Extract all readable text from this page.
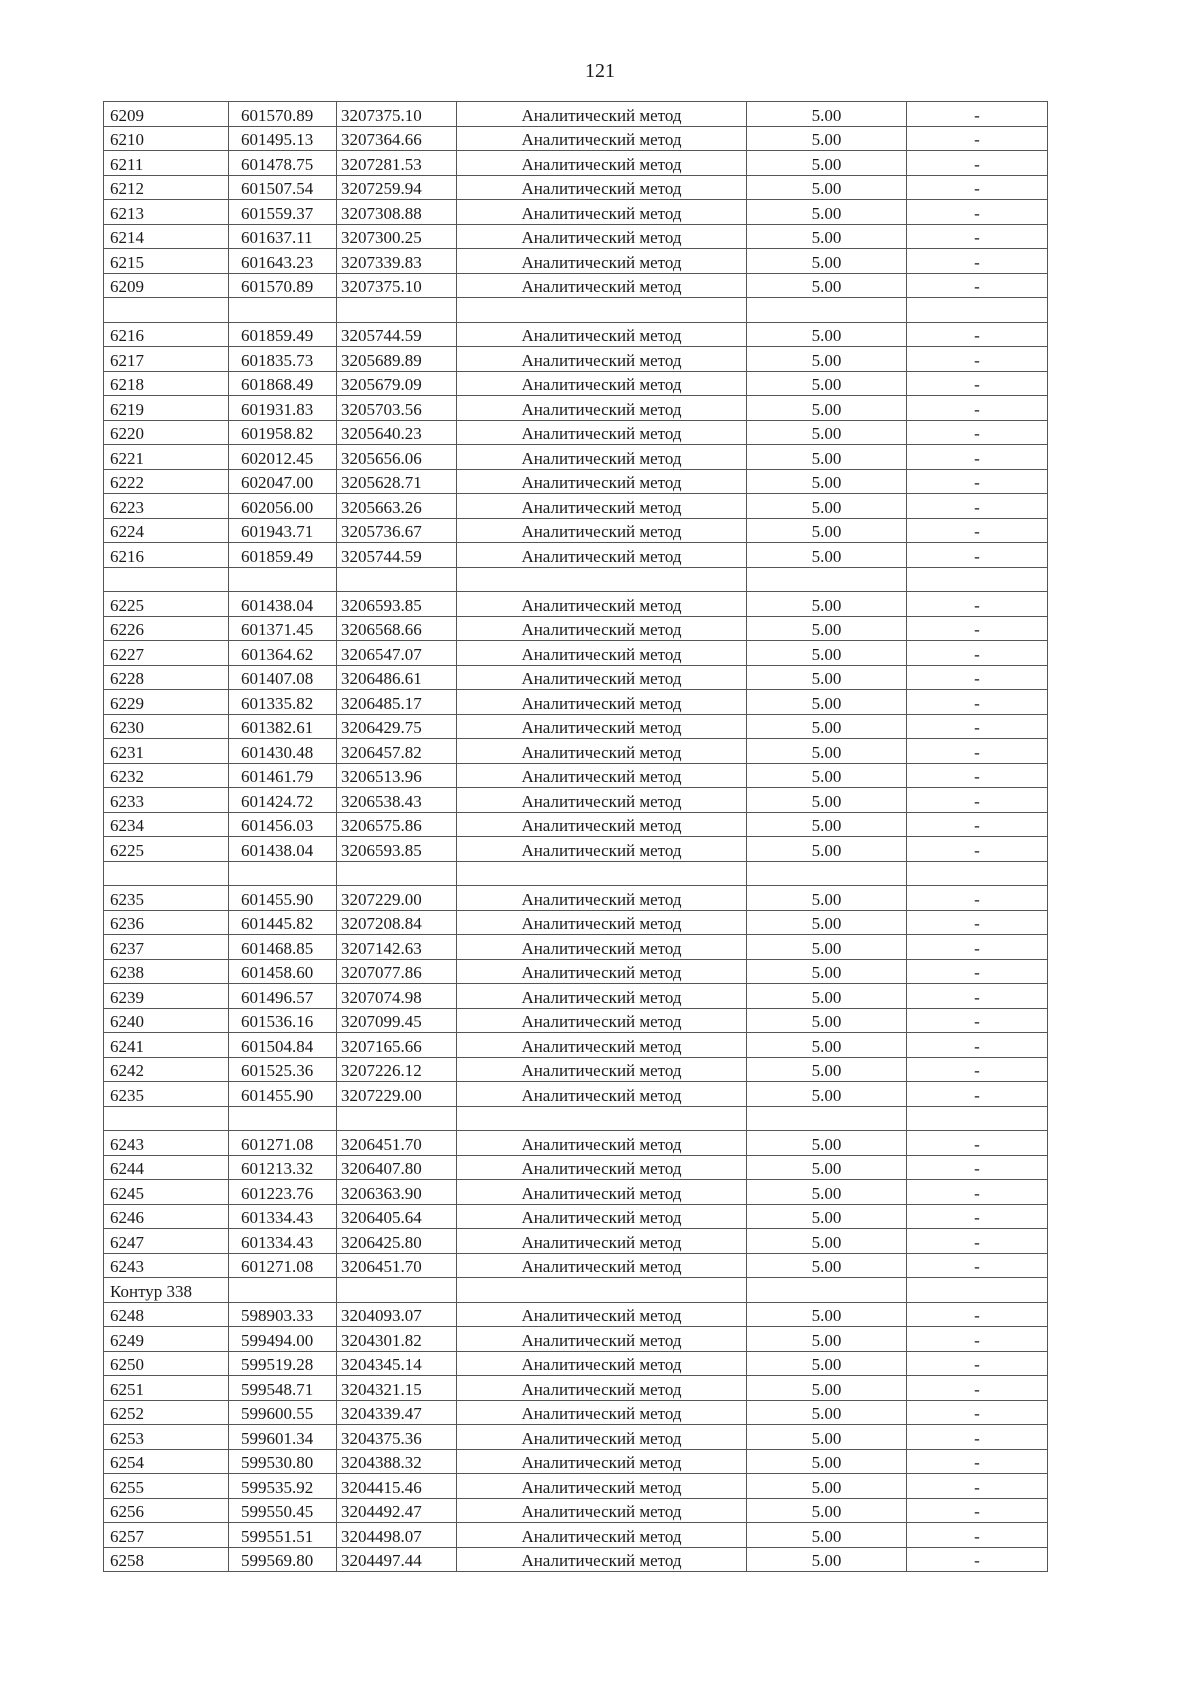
121
6209	601570.89	3207375.10	Аналитический метод	5.00	-
6210	601495.13	3207364.66	Аналитический метод	5.00	-
6211	601478.75	3207281.53	Аналитический метод	5.00	-
6212	601507.54	3207259.94	Аналитический метод	5.00	-
6213	601559.37	3207308.88	Аналитический метод	5.00	-
6214	601637.11	3207300.25	Аналитический метод	5.00	-
6215	601643.23	3207339.83	Аналитический метод	5.00	-
6209	601570.89	3207375.10	Аналитический метод	5.00	-

6216	601859.49	3205744.59	Аналитический метод	5.00	-
6217	601835.73	3205689.89	Аналитический метод	5.00	-
6218	601868.49	3205679.09	Аналитический метод	5.00	-
6219	601931.83	3205703.56	Аналитический метод	5.00	-
6220	601958.82	3205640.23	Аналитический метод	5.00	-
6221	602012.45	3205656.06	Аналитический метод	5.00	-
6222	602047.00	3205628.71	Аналитический метод	5.00	-
6223	602056.00	3205663.26	Аналитический метод	5.00	-
6224	601943.71	3205736.67	Аналитический метод	5.00	-
6216	601859.49	3205744.59	Аналитический метод	5.00	-

6225	601438.04	3206593.85	Аналитический метод	5.00	-
6226	601371.45	3206568.66	Аналитический метод	5.00	-
6227	601364.62	3206547.07	Аналитический метод	5.00	-
6228	601407.08	3206486.61	Аналитический метод	5.00	-
6229	601335.82	3206485.17	Аналитический метод	5.00	-
6230	601382.61	3206429.75	Аналитический метод	5.00	-
6231	601430.48	3206457.82	Аналитический метод	5.00	-
6232	601461.79	3206513.96	Аналитический метод	5.00	-
6233	601424.72	3206538.43	Аналитический метод	5.00	-
6234	601456.03	3206575.86	Аналитический метод	5.00	-
6225	601438.04	3206593.85	Аналитический метод	5.00	-

6235	601455.90	3207229.00	Аналитический метод	5.00	-
6236	601445.82	3207208.84	Аналитический метод	5.00	-
6237	601468.85	3207142.63	Аналитический метод	5.00	-
6238	601458.60	3207077.86	Аналитический метод	5.00	-
6239	601496.57	3207074.98	Аналитический метод	5.00	-
6240	601536.16	3207099.45	Аналитический метод	5.00	-
6241	601504.84	3207165.66	Аналитический метод	5.00	-
6242	601525.36	3207226.12	Аналитический метод	5.00	-
6235	601455.90	3207229.00	Аналитический метод	5.00	-

6243	601271.08	3206451.70	Аналитический метод	5.00	-
6244	601213.32	3206407.80	Аналитический метод	5.00	-
6245	601223.76	3206363.90	Аналитический метод	5.00	-
6246	601334.43	3206405.64	Аналитический метод	5.00	-
6247	601334.43	3206425.80	Аналитический метод	5.00	-
6243	601271.08	3206451.70	Аналитический метод	5.00	-
Контур 338					
6248	598903.33	3204093.07	Аналитический метод	5.00	-
6249	599494.00	3204301.82	Аналитический метод	5.00	-
6250	599519.28	3204345.14	Аналитический метод	5.00	-
6251	599548.71	3204321.15	Аналитический метод	5.00	-
6252	599600.55	3204339.47	Аналитический метод	5.00	-
6253	599601.34	3204375.36	Аналитический метод	5.00	-
6254	599530.80	3204388.32	Аналитический метод	5.00	-
6255	599535.92	3204415.46	Аналитический метод	5.00	-
6256	599550.45	3204492.47	Аналитический метод	5.00	-
6257	599551.51	3204498.07	Аналитический метод	5.00	-
6258	599569.80	3204497.44	Аналитический метод	5.00	-
